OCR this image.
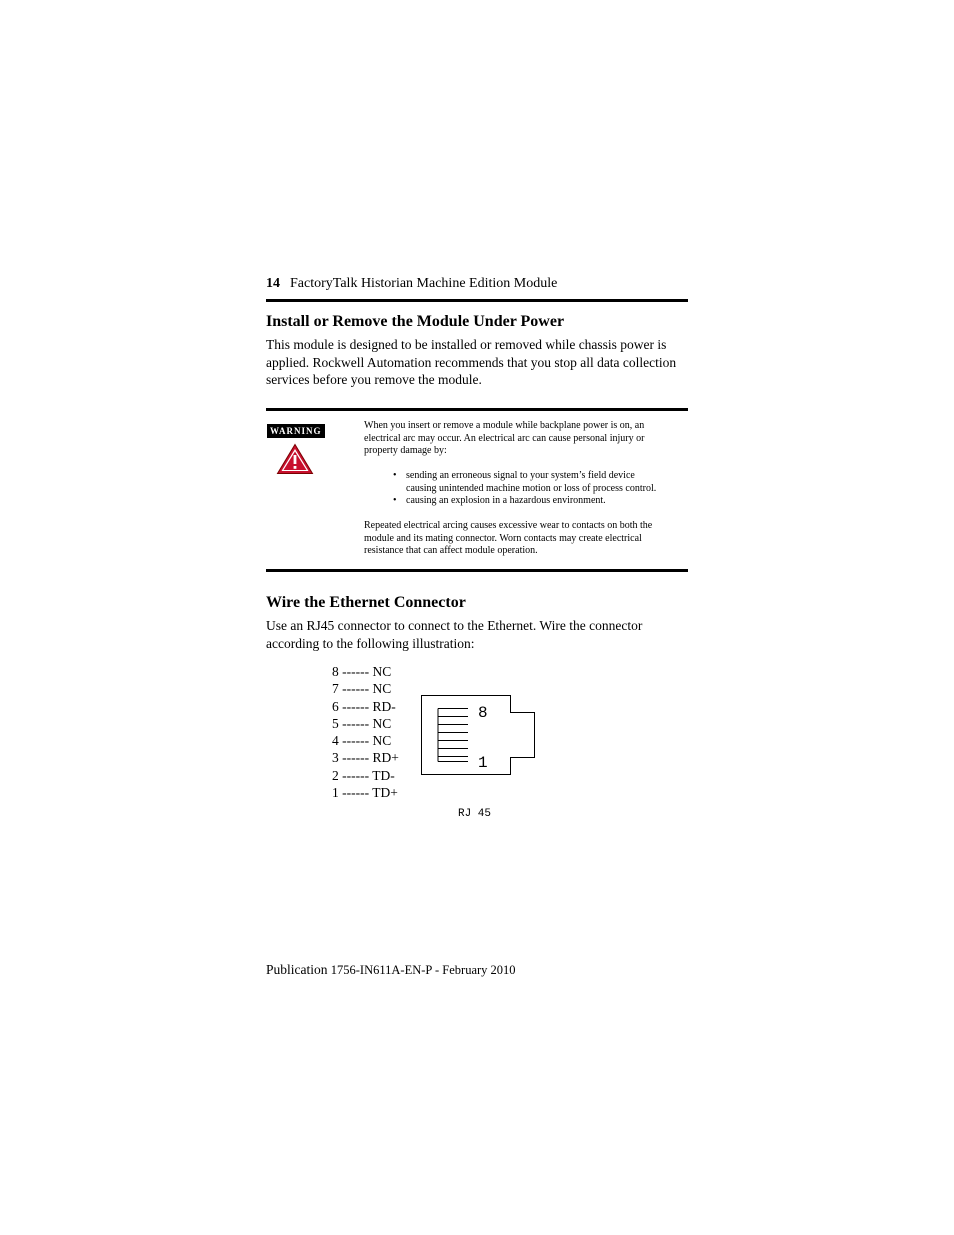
14 FactoryTalk Historian Machine Edition Module
Install or Remove the Module Under Power

This module is designed to be installed or removed while chassis power is
applied. Rockwell Automation recommends that you stop all data collection
services before you remove the module.

WARNING	When you insert or remove a module while backplane power is on, an
electrical arc may occur. An electrical arc can cause personal injury or
property damage by:

• sending an erroneous signal to your system’s field device
causing unintended machine motion or loss of process control.
• causing an explosion in a hazardous environment.

Repeated electrical arcing causes excessive wear to contacts on both the
module and its mating connector. Worn contacts may create electrical
resistance that can affect module operation.

Wire the Ethernet Connector

Use an RJ45 connector to connect to the Ethernet. Wire the connector
according to the following illustration:

8 ------ NC
7 ------ NC
6 ------ RD-
5 ------ NC
4 ------ NC
3 ------ RD+
2 ------ TD-
1 ------ TD+
8
1
RJ 45
Publication 1756-IN611A-EN-P - February 2010
